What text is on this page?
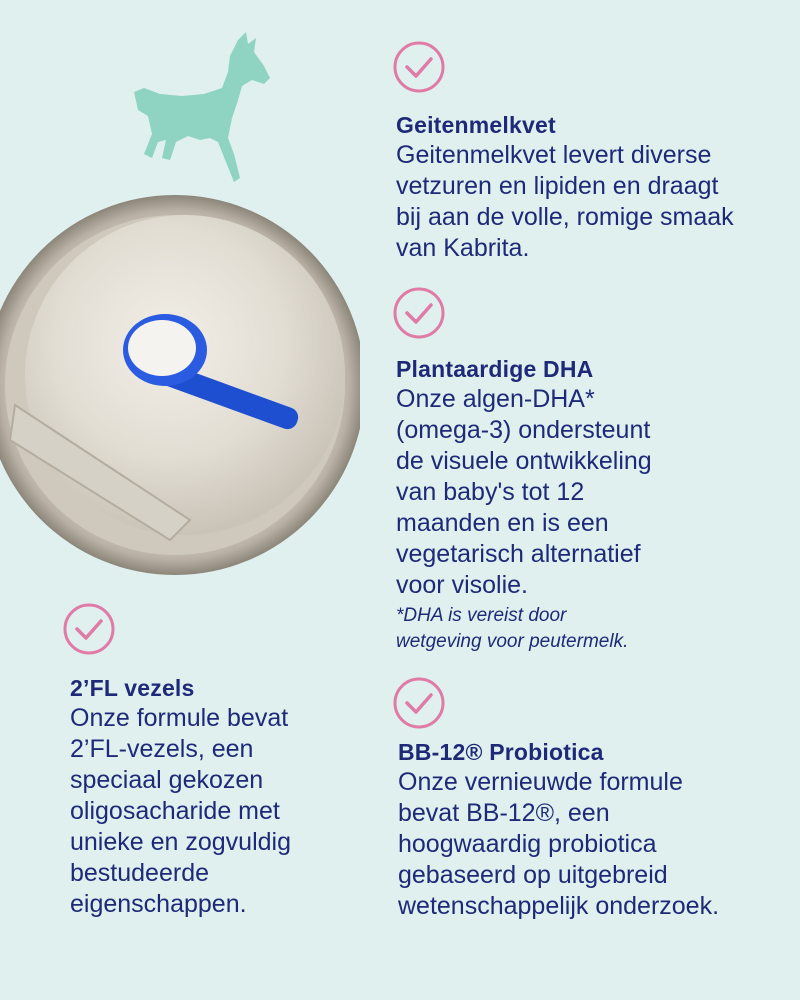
Geitenmelkvet

Geitenmelkvet levert diverse
vetzuren en lipiden en draagt
bij aan de volle, romige smaak
van Kabrita.

Plantaardige DHA

Onze algen-DHA*
(omega-3) ondersteunt
de visuele ontwikkeling
van baby's tot 12
maanden en is een
vegetarisch alternatief
voor visolie.

*DHA is vereist door
wetgeving voor peutermelk.

2’FL vezels

Onze formule bevat
2’FL-vezels, een
speciaal gekozen
oligosacharide met
unieke en zogvuldig
bestudeerde
eigenschappen.

BB-12® Probiotica

Onze vernieuwde formule
bevat BB-12®, een
hoogwaardig probiotica
gebaseerd op uitgebreid
wetenschappelijk onderzoek.
